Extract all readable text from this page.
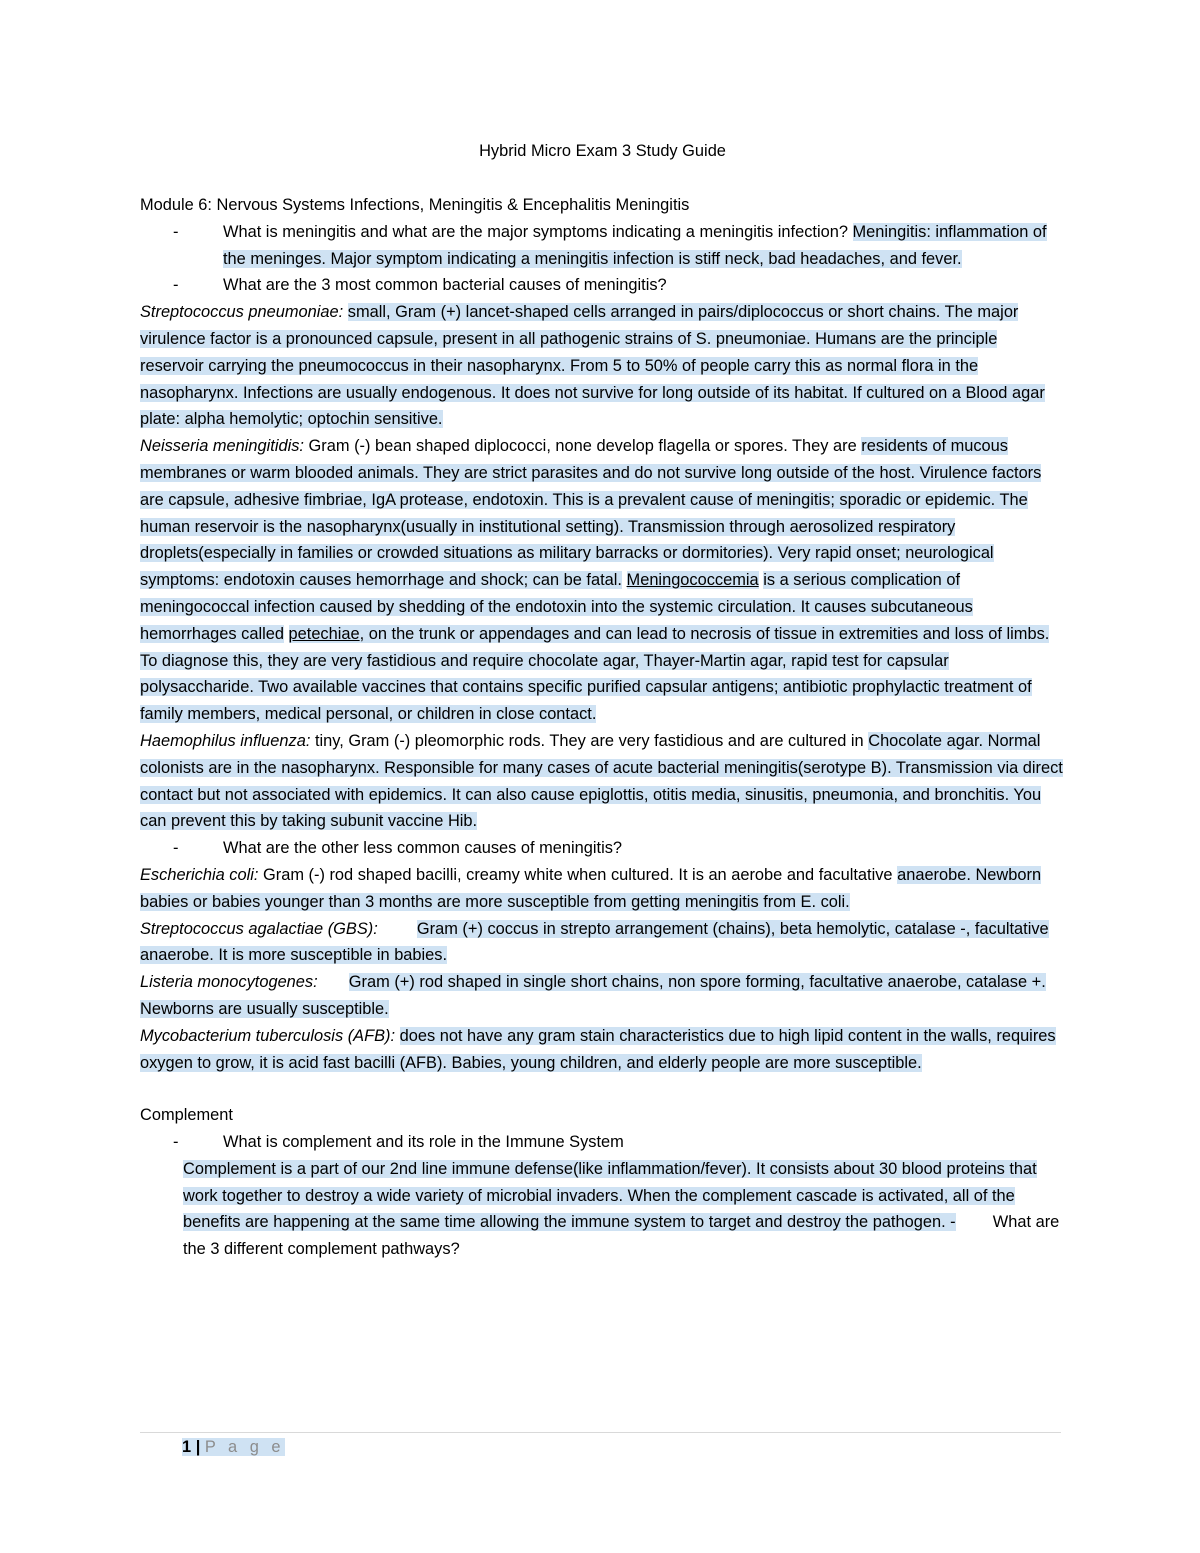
Hybrid Micro Exam 3 Study Guide
Module 6: Nervous Systems Infections, Meningitis & Encephalitis Meningitis
-	What is meningitis and what are the major symptoms indicating a meningitis infection? Meningitis: inflammation of the meninges. Major symptom indicating a meningitis infection is stiff neck, bad headaches, and fever.
-	What are the 3 most common bacterial causes of meningitis?
Streptococcus pneumoniae: small, Gram (+) lancet-shaped cells arranged in pairs/diplococcus or short chains. The major virulence factor is a pronounced capsule, present in all pathogenic strains of S. pneumoniae. Humans are the principle reservoir carrying the pneumococcus in their nasopharynx. From 5 to 50% of people carry this as normal flora in the nasopharynx. Infections are usually endogenous. It does not survive for long outside of its habitat. If cultured on a Blood agar plate: alpha hemolytic; optochin sensitive.
Neisseria meningitidis: Gram (-) bean shaped diplococci, none develop flagella or spores. They are residents of mucous membranes or warm blooded animals. They are strict parasites and do not survive long outside of the host. Virulence factors are capsule, adhesive fimbriae, IgA protease, endotoxin. This is a prevalent cause of meningitis; sporadic or epidemic. The human reservoir is the nasopharynx(usually in institutional setting). Transmission through aerosolized respiratory droplets(especially in families or crowded situations as military barracks or dormitories). Very rapid onset; neurological symptoms: endotoxin causes hemorrhage and shock; can be fatal. Meningococcemia is a serious complication of meningococcal infection caused by shedding of the endotoxin into the systemic circulation. It causes subcutaneous hemorrhages called petechiae, on the trunk or appendages and can lead to necrosis of tissue in extremities and loss of limbs. To diagnose this, they are very fastidious and require chocolate agar, Thayer-Martin agar, rapid test for capsular polysaccharide. Two available vaccines that contains specific purified capsular antigens; antibiotic prophylactic treatment of family members, medical personal, or children in close contact.
Haemophilus influenza: tiny, Gram (-) pleomorphic rods. They are very fastidious and are cultured in Chocolate agar. Normal colonists are in the nasopharynx. Responsible for many cases of acute bacterial meningitis(serotype B). Transmission via direct contact but not associated with epidemics. It can also cause epiglottis, otitis media, sinusitis, pneumonia, and bronchitis. You can prevent this by taking subunit vaccine Hib.
-	What are the other less common causes of meningitis?
Escherichia coli: Gram (-) rod shaped bacilli, creamy white when cultured. It is an aerobe and facultative anaerobe. Newborn babies or babies younger than 3 months are more susceptible from getting meningitis from E. coli.
Streptococcus agalactiae (GBS): Gram (+) coccus in strepto arrangement (chains), beta hemolytic, catalase -, facultative anaerobe. It is more susceptible in babies.
Listeria monocytogenes: Gram (+) rod shaped in single short chains, non spore forming, facultative anaerobe, catalase +. Newborns are usually susceptible.
Mycobacterium tuberculosis (AFB): does not have any gram stain characteristics due to high lipid content in the walls, requires oxygen to grow, it is acid fast bacilli (AFB). Babies, young children, and elderly people are more susceptible.
Complement
-	What is complement and its role in the Immune System
Complement is a part of our 2nd line immune defense(like inflammation/fever). It consists about 30 blood proteins that work together to destroy a wide variety of microbial invaders. When the complement cascade is activated, all of the benefits are happening at the same time allowing the immune system to target and destroy the pathogen. - What are the 3 different complement pathways?
1 | P a g e
